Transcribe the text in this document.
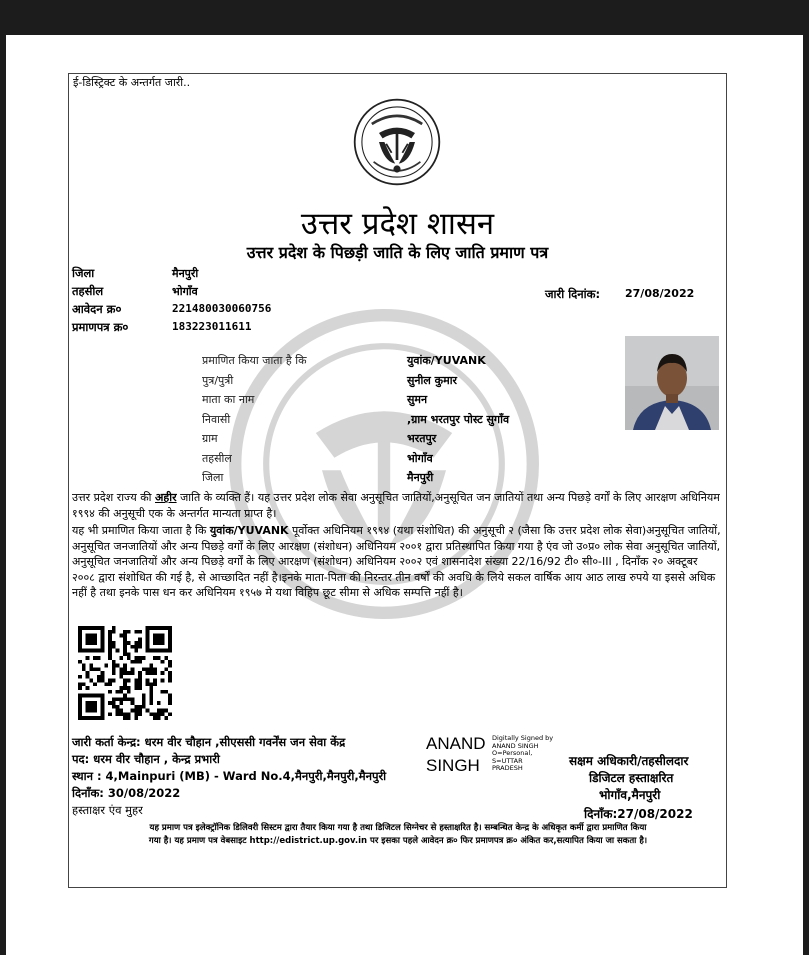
ई-डिस्ट्रिक्ट के अन्तर्गत जारी..
उत्तर प्रदेश शासन
उत्तर प्रदेश के पिछड़ी जाति के लिए जाति प्रमाण पत्र
जिला	मैनपुरी
तहसील	भोगाँव
आवेदन क्र०	221480030060756
प्रमाणपत्र क्र०	183223011611
जारी दिनांक: 27/08/2022
प्रमाणित किया जाता है कि	युवांक/YUVANK
पुत्र/पुत्री	सुनील कुमार
माता का नाम	सुमन
निवासी	,ग्राम भरतपुर पोस्ट सुगॉंव
ग्राम	भरतपुर
तहसील	भोगाँव
जिला	मैनपुरी
उत्तर प्रदेश राज्य की अहीर जाति के व्यक्ति हैं। यह उत्तर प्रदेश लोक सेवा अनुसूचित जातियों,अनुसूचित जन जातियों तथा अन्य पिछड़े वर्गों के लिए आरक्षण अधिनियम १९९४ की अनुसूची एक के अन्तर्गत मान्यता प्राप्त है।
यह भी प्रमाणित किया जाता है कि युवांक/YUVANK पूर्वोक्त अधिनियम १९९४ (यथा संशोधित) की अनुसूची २ (जैसा कि उत्तर प्रदेश लोक सेवा)अनुसूचित जातियों, अनुसूचित जनजातियों और अन्य पिछड़े वर्गों के लिए आरक्षण (संशोधन) अधिनियम २००१ द्वारा प्रतिस्थापित किया गया है एंव जो उ०प्र० लोक सेवा अनुसूचित जातियों, अनुसूचित जनजातियों और अन्य पिछड़े वर्गों के लिए आरक्षण (संशोधन) अधिनियम २००२ एवं शासनादेश संख्या 22/16/92 टी० सी०-III , दिनाँक २० अक्टूबर २००८ द्वारा संशोधित की गई है, से आच्छादित नहीं है।इनके माता-पिता की निरन्तर तीन वर्षों की अवधि के लिये सकल वार्षिक आय आठ लाख रुपये या इससे अधिक नहीं है तथा इनके पास धन कर अधिनियम १९५७ मे यथा विहिप छूट सीमा से अधिक सम्पत्ति नहीं है।
जारी कर्ता केन्द्र: धरम वीर चौहान ,सीएससी गवर्नेंस जन सेवा केंद्र
पद: धरम वीर चौहान , केन्द्र प्रभारी
स्थान : 4,Mainpuri (MB) - Ward No.4,मैनपुरी,मैनपुरी,मैनपुरी
दिनाँक: 30/08/2022
हस्ताक्षर एंव मुहर
ANAND
SINGH
Digitally Signed by
ANAND SINGH
O=Personal,
S=UTTAR
PRADESH	सक्षम अधिकारी/तहसीलदार
डिजिटल हस्ताक्षरित
भोगाँव,मैनपुरी
दिनाँक:27/08/2022
यह प्रमाण पत्र इलेक्ट्रॉनिक डिलिवरी सिस्टम द्वारा तैयार किया गया है तथा डिजिटल सिग्नेचर से हस्ताक्षरित है। सम्बन्धित केन्द्र के अधिकृत कर्मी द्वारा प्रमाणित किया
गया है। यह प्रमाण पत्र वेबसाइट http://edistrict.up.gov.in पर इसका पहले आवेदन क्र० फिर प्रमाणपत्र क्र० अंकित कर,सत्यापित किया जा सकता है।
